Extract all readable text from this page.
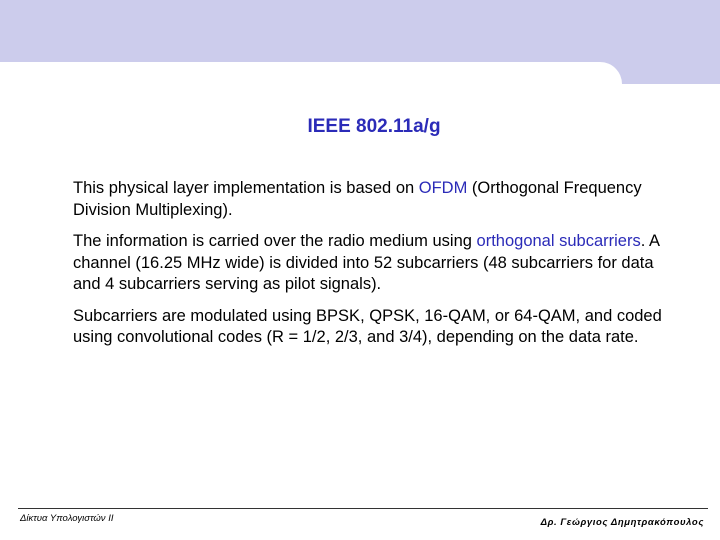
IEEE 802.11a/g

This physical layer implementation is based on OFDM (Orthogonal Frequency Division Multiplexing).

The information is carried over the radio medium using orthogonal subcarriers. A channel (16.25 MHz wide) is divided into 52 subcarriers (48 subcarriers for data and 4 subcarriers serving as pilot signals).

Subcarriers are modulated using BPSK, QPSK, 16-QAM, or 64-QAM, and coded using convolutional codes (R = 1/2, 2/3, and 3/4), depending on the data rate.

Δίκτυα Υπολογιστών ΙΙ	Δρ. Γεώργιος Δημητρακόπουλος
